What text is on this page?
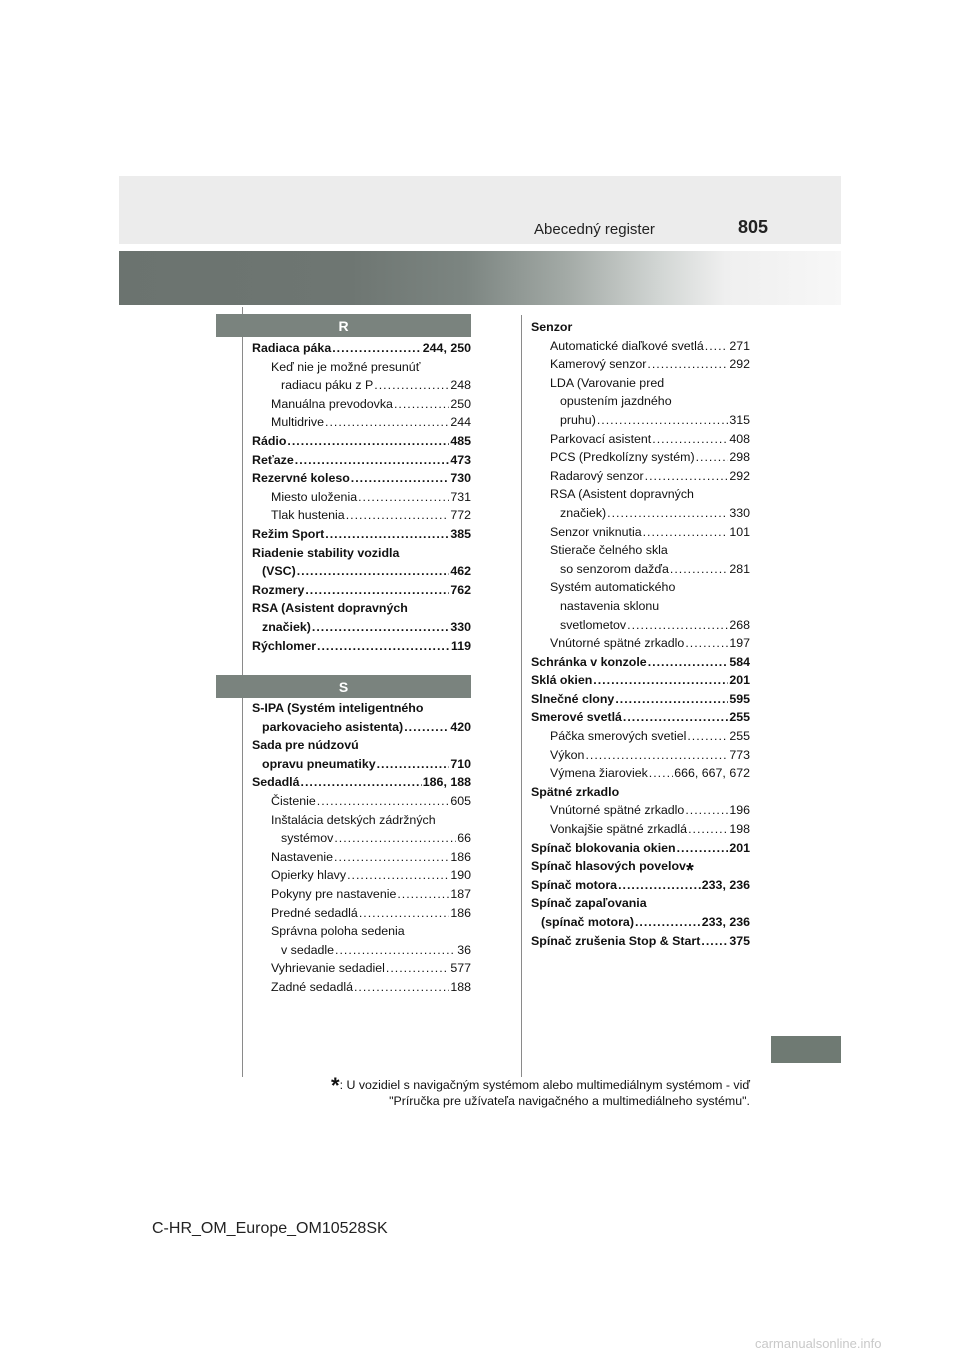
Abecedný register	805
R
S
Radiaca páka .....	244, 250
Keď nie je možné presunúť
radiacu páku z P .....	248
Manuálna prevodovka .....	250
Multidrive .....	244
Rádio .....	485
Reťaze .....	473
Rezervné koleso .....	730
Miesto uloženia .....	731
Tlak hustenia .....	772
Režim Sport .....	385
Riadenie stability vozidla
(VSC) .....	462
Rozmery .....	762
RSA (Asistent dopravných
značiek) .....	330
Rýchlomer .....	119
S-IPA (Systém inteligentného
parkovacieho asistenta) .....	420
Sada pre núdzovú
opravu pneumatiky .....	710
Sedadlá .....	186, 188
Čistenie .....	605
Inštalácia detských zádržných
systémov .....	66
Nastavenie .....	186
Opierky hlavy .....	190
Pokyny pre nastavenie .....	187
Predné sedadlá .....	186
Správna poloha sedenia
v sedadle .....	36
Vyhrievanie sedadiel .....	577
Zadné sedadlá .....	188
Senzor
Automatické diaľkové svetlá ..... 271
Kamerový senzor .....	292
LDA (Varovanie pred
opustením jazdného
pruhu) .....	315
Parkovací asistent .....	408
PCS (Predkolízny systém) .....	298
Radarový senzor .....	292
RSA (Asistent dopravných
značiek) .....	330
Senzor vniknutia .....	101
Stierače čelného skla
so senzorom dažďa .....	281
Systém automatického
nastavenia sklonu
svetlometov .....	268
Vnútorné spätné zrkadlo .....	197
Schránka v konzole .....	584
Sklá okien .....	201
Slnečné clony .....	595
Smerové svetlá .....	255
Páčka smerových svetiel .....	255
Výkon .....	773
Výmena žiaroviek ..... 666, 667, 672
Spätné zrkadlo
Vnútorné spätné zrkadlo .....	196
Vonkajšie spätné zrkadlá .....	198
Spínač blokovania okien .....	201
Spínač hlasových povelov *
Spínač motora .....	233, 236
Spínač zapaľovania
(spínač motora) .....	233, 236
Spínač zrušenia Stop & Start ..... 375
*: U vozidiel s navigačným systémom alebo multimediálnym systémom - viď
"Príručka pre užívateľa navigačného a multimediálneho systému".
C-HR_OM_Europe_OM10528SK
carmanualsonline.info
